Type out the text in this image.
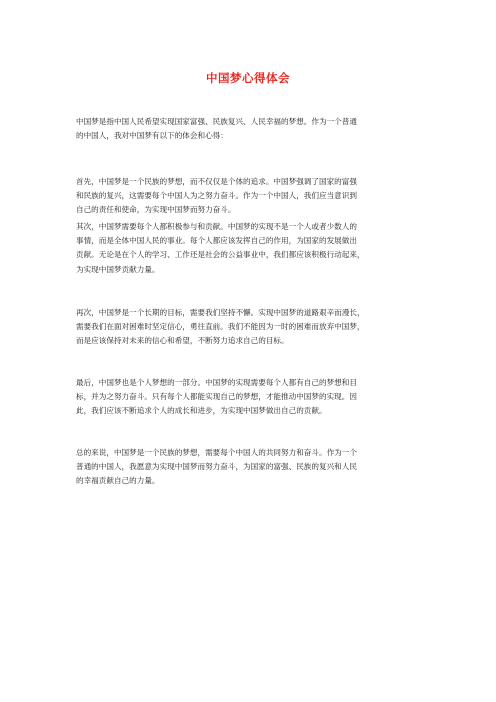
中国梦心得体会
中国梦是指中国人民希望实现国家富强、民族复兴、人民幸福的梦想。作为一个普通
的中国人，我对中国梦有以下的体会和心得：
首先，中国梦是一个民族的梦想，而不仅仅是个体的追求。中国梦强调了国家的富强
和民族的复兴，这需要每个中国人为之努力奋斗。作为一个中国人，我们应当意识到
自己的责任和使命，为实现中国梦而努力奋斗。
其次，中国梦需要每个人都积极参与和贡献。中国梦的实现不是一个人或者少数人的
事情，而是全体中国人民的事业。每个人都应该发挥自己的作用，为国家的发展做出
贡献。无论是在个人的学习、工作还是社会的公益事业中，我们都应该积极行动起来，
为实现中国梦贡献力量。
再次，中国梦是一个长期的目标，需要我们坚持不懈。实现中国梦的道路艰辛而漫长，
需要我们在面对困难时坚定信心，勇往直前。我们不能因为一时的困难而放弃中国梦，
而是应该保持对未来的信心和希望，不断努力追求自己的目标。
最后，中国梦也是个人梦想的一部分。中国梦的实现需要每个人都有自己的梦想和目
标，并为之努力奋斗。只有每个人都能实现自己的梦想，才能推动中国梦的实现。因
此，我们应该不断追求个人的成长和进步，为实现中国梦做出自己的贡献。
总的来说，中国梦是一个民族的梦想，需要每个中国人的共同努力和奋斗。作为一个
普通的中国人，我愿意为实现中国梦而努力奋斗，为国家的富强、民族的复兴和人民
的幸福贡献自己的力量。
